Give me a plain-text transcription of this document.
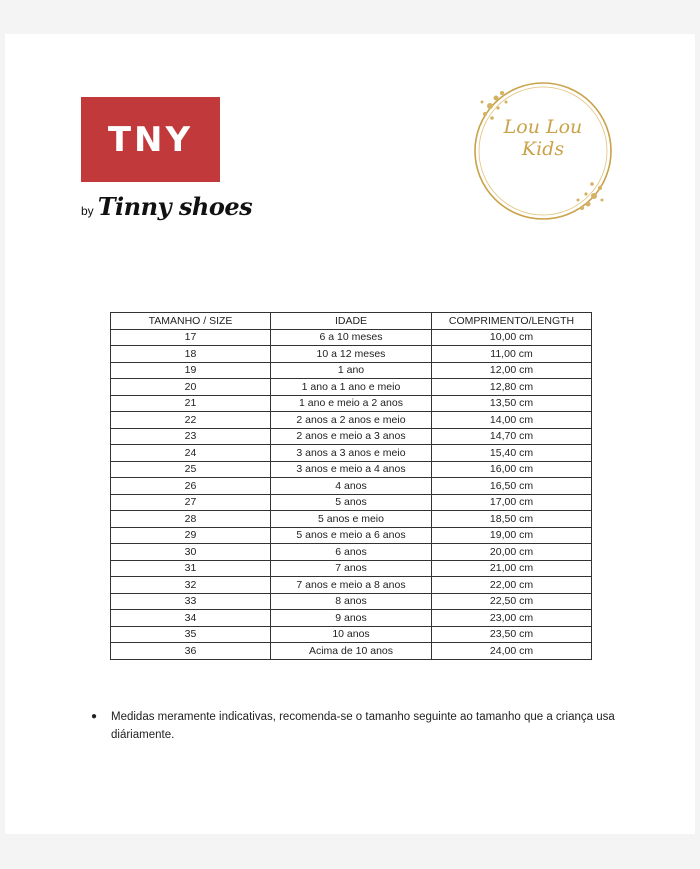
TNY
by Tinny shoes
Lou Lou
Kids
TAMANHO / SIZE	IDADE	COMPRIMENTO/LENGTH
17	6 a 10 meses	10,00 cm
18	10 a 12 meses	11,00 cm
19	1 ano	12,00 cm
20	1 ano a 1 ano e meio	12,80 cm
21	1 ano e meio a 2 anos	13,50 cm
22	2 anos a 2 anos e meio	14,00 cm
23	2 anos e meio a 3 anos	14,70 cm
24	3 anos a 3 anos e meio	15,40 cm
25	3 anos e meio a 4 anos	16,00 cm
26	4 anos	16,50 cm
27	5 anos	17,00 cm
28	5 anos e meio	18,50 cm
29	5 anos e meio a 6 anos	19,00 cm
30	6 anos	20,00 cm
31	7 anos	21,00 cm
32	7 anos e meio a 8 anos	22,00 cm
33	8 anos	22,50 cm
34	9 anos	23,00 cm
35	10 anos	23,50 cm
36	Acima de 10 anos	24,00 cm
●	Medidas meramente indicativas, recomenda-se o tamanho seguinte ao tamanho que a criança usa diáriamente.
